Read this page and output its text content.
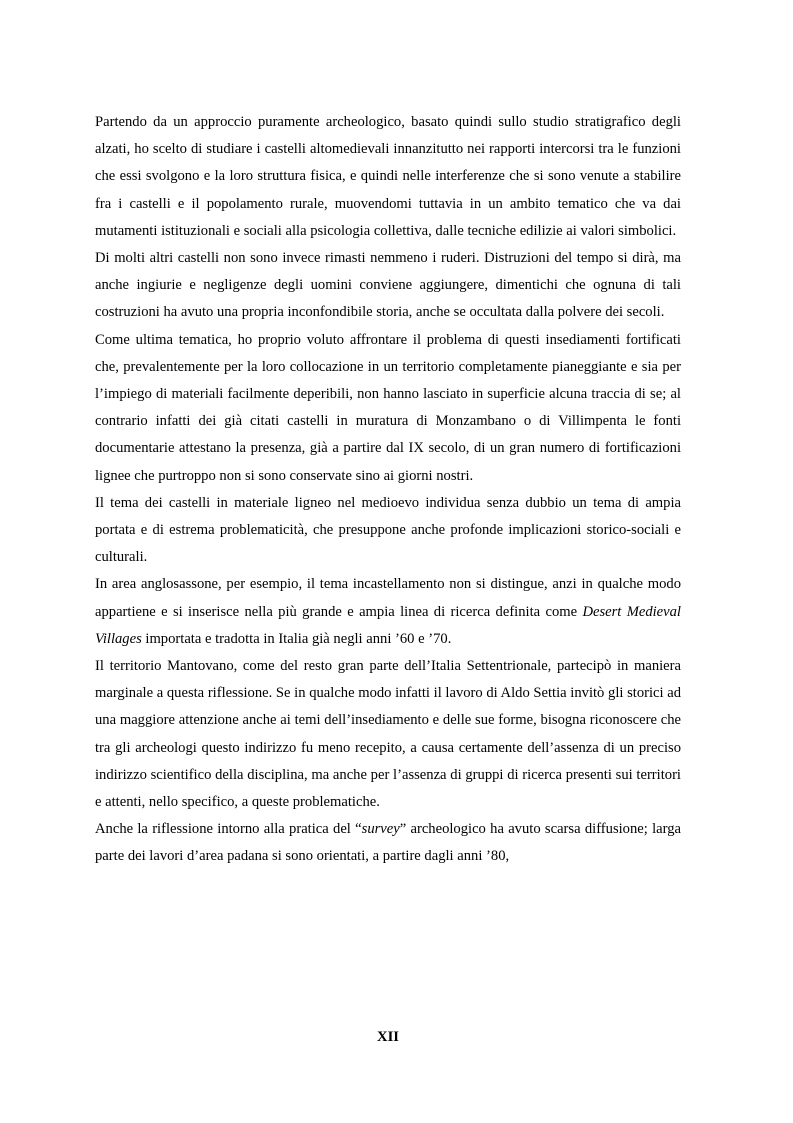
Partendo da un approccio puramente archeologico, basato quindi sullo studio stratigrafico degli alzati, ho scelto di studiare i castelli altomedievali innanzitutto nei rapporti intercorsi tra le funzioni che essi svolgono e la loro struttura fisica, e quindi nelle interferenze che si sono venute a stabilire fra i castelli e il popolamento rurale, muovendomi tuttavia in un ambito tematico che va dai mutamenti istituzionali e sociali alla psicologia collettiva, dalle tecniche edilizie ai valori simbolici.

Di molti altri castelli non sono invece rimasti nemmeno i ruderi. Distruzioni del tempo si dirà, ma anche ingiurie e negligenze degli uomini conviene aggiungere, dimentichi che ognuna di tali costruzioni ha avuto una propria inconfondibile storia, anche se occultata dalla polvere dei secoli.

Come ultima tematica, ho proprio voluto affrontare il problema di questi insediamenti fortificati che, prevalentemente per la loro collocazione in un territorio completamente pianeggiante e sia per l’impiego di materiali facilmente deperibili, non hanno lasciato in superficie alcuna traccia di se; al contrario infatti dei già citati castelli in muratura di Monzambano o di Villimpenta le fonti documentarie attestano la presenza, già a partire dal IX secolo, di un gran numero di fortificazioni lignee che purtroppo non si sono conservate sino ai giorni nostri.

Il tema dei castelli in materiale ligneo nel medioevo individua senza dubbio un tema di ampia portata e di estrema problematicità, che presuppone anche profonde implicazioni storico-sociali e culturali.

In area anglosassone, per esempio, il tema incastellamento non si distingue, anzi in qualche modo appartiene e si inserisce nella più grande e ampia linea di ricerca definita come Desert Medieval Villages importata e tradotta in Italia già negli anni ’60 e ’70.

Il territorio Mantovano, come del resto gran parte dell’Italia Settentrionale, partecipò in maniera marginale a questa riflessione. Se in qualche modo infatti il lavoro di Aldo Settia invitò gli storici ad una maggiore attenzione anche ai temi dell’insediamento e delle sue forme, bisogna riconoscere che tra gli archeologi questo indirizzo fu meno recepito, a causa certamente dell’assenza di un preciso indirizzo scientifico della disciplina, ma anche per l’assenza di gruppi di ricerca presenti sui territori e attenti, nello specifico, a queste problematiche.

Anche la riflessione intorno alla pratica del “survey” archeologico ha avuto scarsa diffusione; larga parte dei lavori d’area padana si sono orientati, a partire dagli anni ’80,

XII
